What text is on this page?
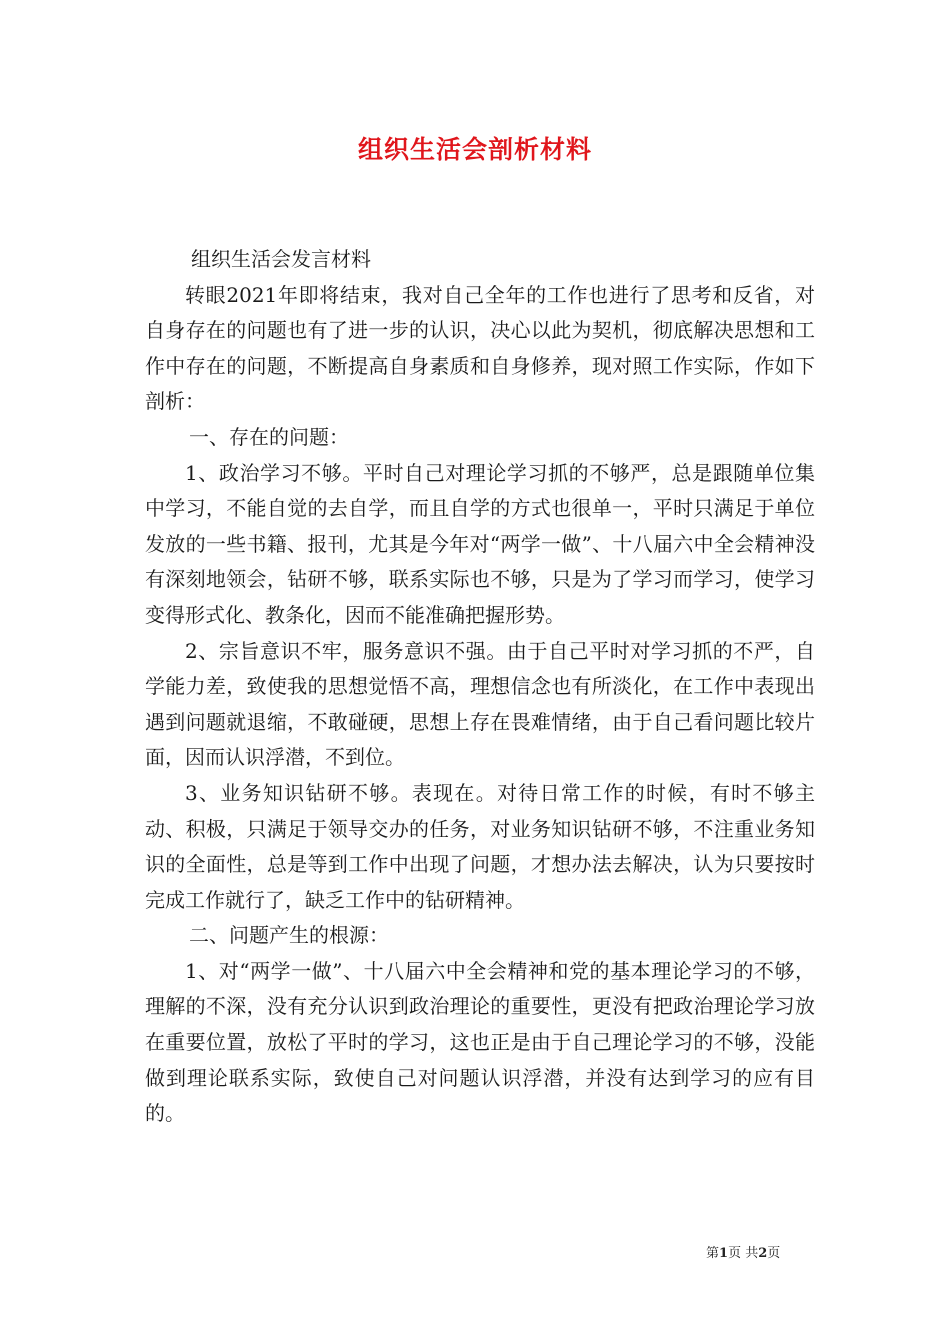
组织生活会剖析材料

组织生活会发言材料

转眼2021年即将结束，我对自己全年的工作也进行了思考和反省，对自身存在的问题也有了进一步的认识，决心以此为契机，彻底解决思想和工作中存在的问题，不断提高自身素质和自身修养，现对照工作实际，作如下剖析：

一、存在的问题：

1、政治学习不够。平时自己对理论学习抓的不够严，总是跟随单位集中学习，不能自觉的去自学，而且自学的方式也很单一，平时只满足于单位发放的一些书籍、报刊，尤其是今年对“两学一做”、十八届六中全会精神没有深刻地领会，钻研不够，联系实际也不够，只是为了学习而学习，使学习变得形式化、教条化，因而不能准确把握形势。

2、宗旨意识不牢，服务意识不强。由于自己平时对学习抓的不严，自学能力差，致使我的思想觉悟不高，理想信念也有所淡化，在工作中表现出遇到问题就退缩，不敢碰硬，思想上存在畏难情绪，由于自己看问题比较片面，因而认识浮潜，不到位。

3、业务知识钻研不够。表现在。对待日常工作的时候，有时不够主动、积极，只满足于领导交办的任务，对业务知识钻研不够，不注重业务知识的全面性，总是等到工作中出现了问题，才想办法去解决，认为只要按时完成工作就行了，缺乏工作中的钻研精神。

二、问题产生的根源：

1、对“两学一做”、十八届六中全会精神和党的基本理论学习的不够，理解的不深，没有充分认识到政治理论的重要性，更没有把政治理论学习放在重要位置，放松了平时的学习，这也正是由于自己理论学习的不够，没能做到理论联系实际，致使自己对问题认识浮潜，并没有达到学习的应有目的。

第1页 共2页
